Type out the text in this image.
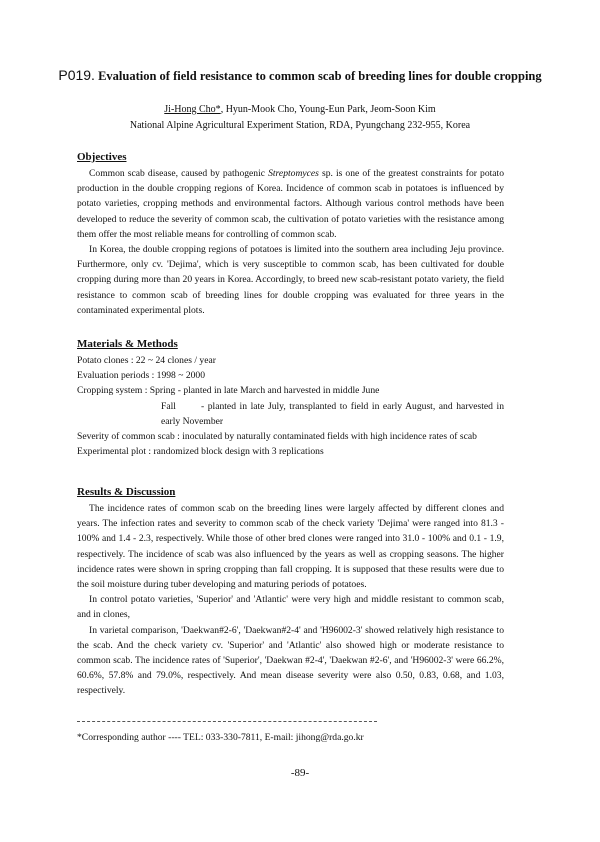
P019. Evaluation of field resistance to common scab of breeding lines for double cropping
Ji-Hong Cho*, Hyun-Mook Cho, Young-Eun Park, Jeom-Soon Kim
National Alpine Agricultural Experiment Station, RDA, Pyungchang 232-955, Korea
Objectives

Common scab disease, caused by pathogenic Streptomyces sp. is one of the greatest constraints for potato production in the double cropping regions of Korea. Incidence of common scab in potatoes is influenced by potato varieties, cropping methods and environmental factors. Although various control methods have been developed to reduce the severity of common scab, the cultivation of potato varieties with the resistance among them offer the most reliable means for controlling of common scab.

In Korea, the double cropping regions of potatoes is limited into the southern area including Jeju province. Furthermore, only cv. 'Dejima', which is very susceptible to common scab, has been cultivated for double cropping during more than 20 years in Korea. Accordingly, to breed new scab-resistant potato variety, the field resistance to common scab of breeding lines for double cropping was evaluated for three years in the contaminated experimental plots.

Materials & Methods

Potato clones : 22 ~ 24 clones / year

Evaluation periods : 1998 ~ 2000

Cropping system : Spring - planted in late March and harvested in middle June

Fall	- planted in late July, transplanted to field in early August, and harvested in early November

Severity of common scab : inoculated by naturally contaminated fields with high incidence rates of scab

Experimental plot : randomized block design with 3 replications

Results & Discussion

The incidence rates of common scab on the breeding lines were largely affected by different clones and years. The infection rates and severity to common scab of the check variety 'Dejima' were ranged into 81.3 - 100% and 1.4 - 2.3, respectively. While those of other bred clones were ranged into 31.0 - 100% and 0.1 - 1.9, respectively. The incidence of scab was also influenced by the years as well as cropping seasons. The higher incidence rates were shown in spring cropping than fall cropping. It is supposed that these results were due to the soil moisture during tuber developing and maturing periods of potatoes.

In control potato varieties, 'Superior' and 'Atlantic' were very high and middle resistant to common scab, and in clones,

In varietal comparison, 'Daekwan#2-6', 'Daekwan#2-4' and 'H96002-3' showed relatively high resistance to the scab. And the check variety cv. 'Superior' and 'Atlantic' also showed high or moderate resistance to common scab. The incidence rates of 'Superior', 'Daekwan #2-4', 'Daekwan #2-6', and 'H96002-3' were 66.2%, 60.6%, 57.8% and 79.0%, respectively. And mean disease severity were also 0.50, 0.83, 0.68, and 1.03, respectively.

*Corresponding author ---- TEL: 033-330-7811, E-mail: jihong@rda.go.kr
-89-
